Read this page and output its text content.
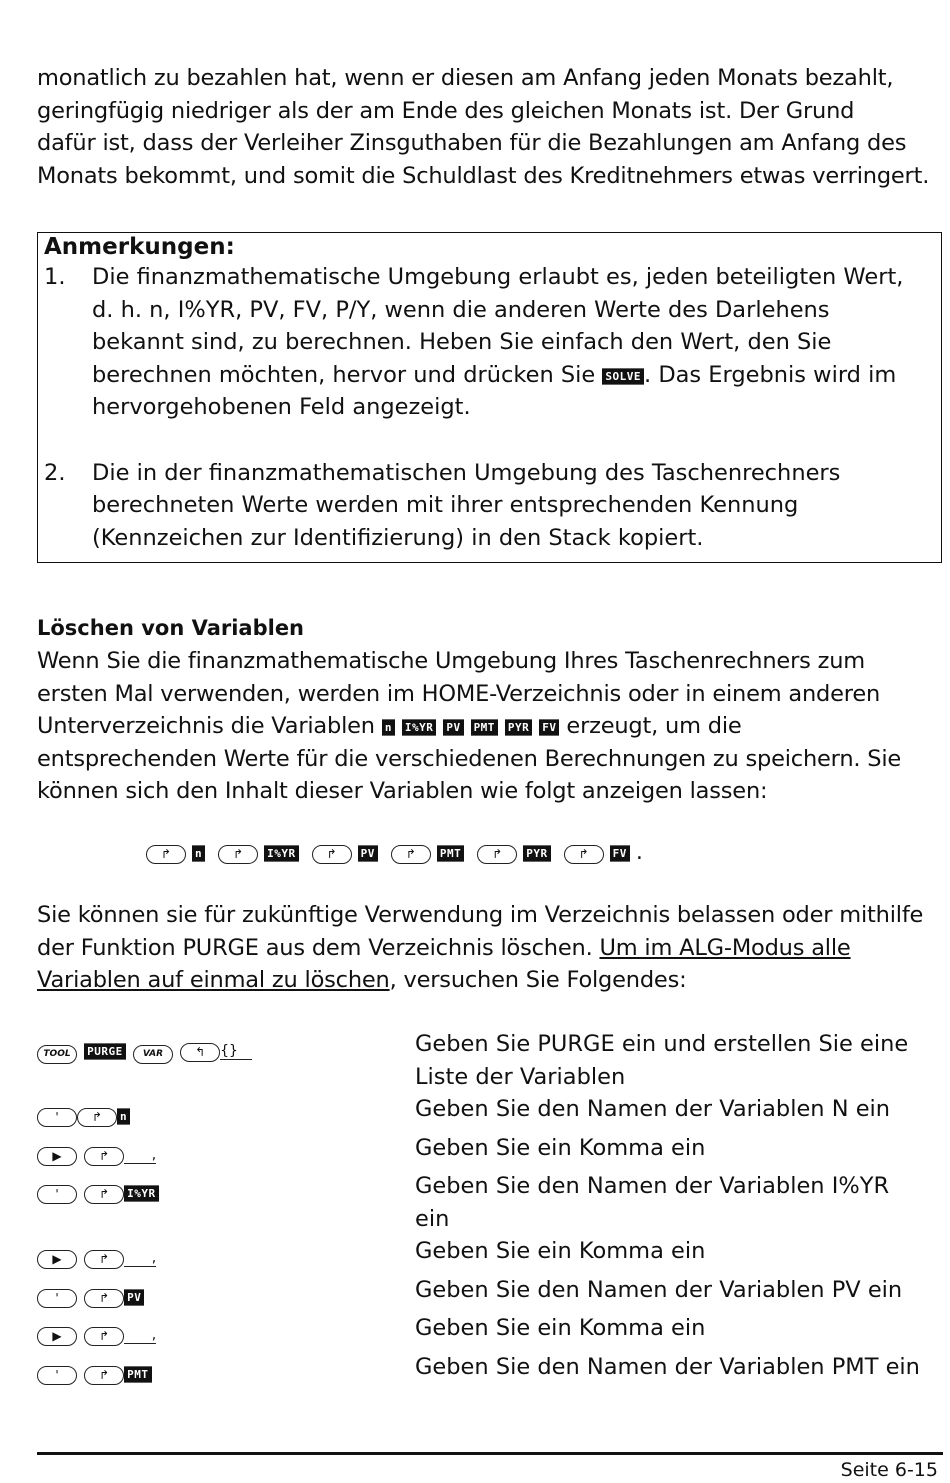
monatlich zu bezahlen hat, wenn er diesen am Anfang jeden Monats bezahlt,

geringfügig niedriger als der am Ende des gleichen Monats ist. Der Grund

dafür ist, dass der Verleiher Zinsguthaben für die Bezahlungen am Anfang des

Monats bekommt, und somit die Schuldlast des Kreditnehmers etwas verringert.

Anmerkungen:
1.	Die finanzmathematische Umgebung erlaubt es, jeden beteiligten Wert,
d. h. n, I%YR, PV, FV, P/Y, wenn die anderen Werte des Darlehens
bekannt sind, zu berechnen. Heben Sie einfach den Wert, den Sie
berechnen möchten, hervor und drücken Sie SOLVE . Das Ergebnis wird im
hervorgehobenen Feld angezeigt.
2.	Die in der finanzmathematischen Umgebung des Taschenrechners
berechneten Werte werden mit ihrer entsprechenden Kennung
(Kennzeichen zur Identifizierung) in den Stack kopiert.
Löschen von Variablen

Wenn Sie die finanzmathematische Umgebung Ihres Taschenrechners zum

ersten Mal verwenden, werden im HOME-Verzeichnis oder in einem anderen

Unterverzeichnis die Variablen n I%YR PV PMT PYR FV erzeugt, um die

entsprechenden Werte für die verschiedenen Berechnungen zu speichern. Sie

können sich den Inhalt dieser Variablen wie folgt anzeigen lassen:

↱ n	↱ I%YR	↱ PV	↱ PMT	↱ PYR	↱ FV .

Sie können sie für zukünftige Verwendung im Verzeichnis belassen oder mithilfe

der Funktion PURGE aus dem Verzeichnis löschen. Um im ALG-Modus alle

Variablen auf einmal zu löschen, versuchen Sie Folgendes:

TOOL PURGE VAR	↰ {}	Geben Sie PURGE ein und erstellen Sie eine
Liste der Variablen
'	↱ n	Geben Sie den Namen der Variablen N ein
▶	↱	,	Geben Sie ein Komma ein
'	↱ I%YR	Geben Sie den Namen der Variablen I%YR
ein
▶	↱	,	Geben Sie ein Komma ein
'	↱ PV	Geben Sie den Namen der Variablen PV ein
▶	↱	,	Geben Sie ein Komma ein
'	↱ PMT	Geben Sie den Namen der Variablen PMT ein
Seite 6-15
